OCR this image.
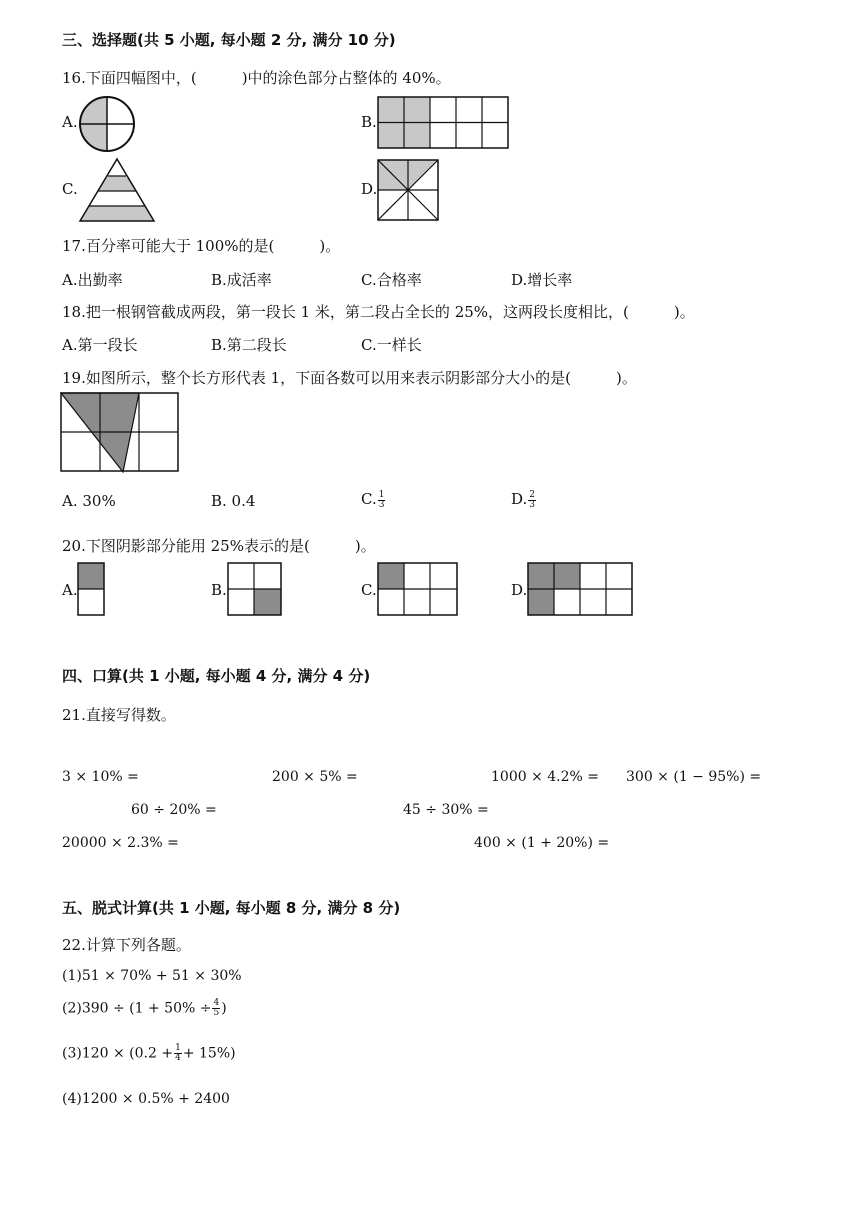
三、选择题(共 5 小题, 每小题 2 分, 满分 10 分)
16.下面四幅图中，(　　　)中的涂色部分占整体的 40%。
A.	B.
C.	D.
17.百分率可能大于 100%的是(　　　)。
A.出勤率	B.成活率	C.合格率	D.增长率
18.把一根钢管截成两段，第一段长 1 米，第二段占全长的 25%，这两段长度相比，(　　　)。
A.第一段长	B.第二段长	C.一样长
19.如图所示，整个长方形代表 1，下面各数可以用来表示阴影部分大小的是(　　　)。
A. 30%	B. 0.4	C. $\frac{1}{3}$	D. $\frac{2}{3}$
20.下图阴影部分能用 25%表示的是(　　　)。
A.	B.	C.	D.
四、口算(共 1 小题, 每小题 4 分, 满分 4 分)
21.直接写得数。
3 × 10% =	200 × 5% =	1000 × 4.2% = 300 × (1 − 95%) =
60 ÷ 20% =	45 ÷ 30% =
20000 × 2.3% =	400 × (1 + 20%) =
五、脱式计算(共 1 小题, 每小题 8 分, 满分 8 分)
22.计算下列各题。
(1)51 × 70% + 51 × 30%
$(2)390 \div (1 + 50\% \div \frac{4}{5}$ )
$(3)120 \times (0.2 + \frac{1}{4} + 15\%)$
(4)1200 × 0.5% + 2400
